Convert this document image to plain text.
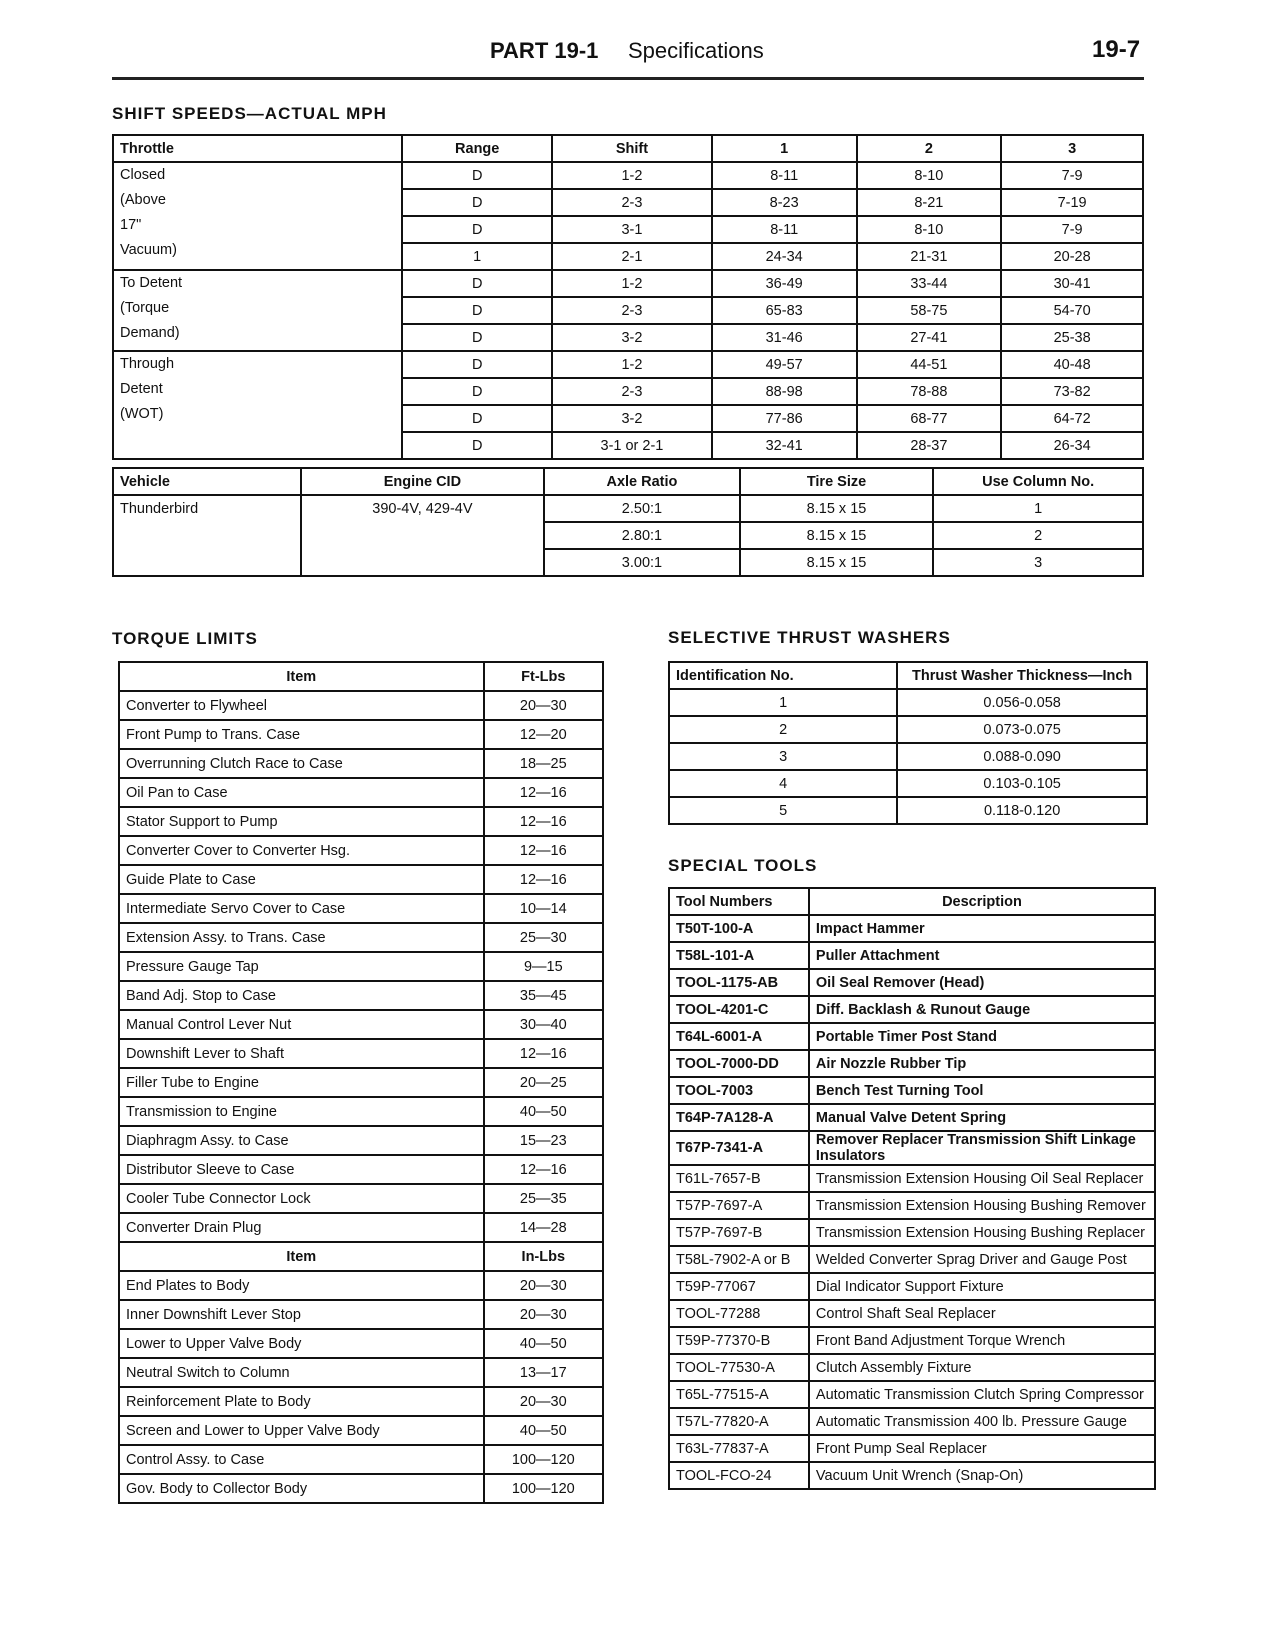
PART 19-1 Specifications	19-7
SHIFT SPEEDS—ACTUAL MPH
Throttle	Range	Shift	1	2	3

Closed
(Above
17"
Vacuum)	D	1-2	8-11	8-10	7-9
	D	2-3	8-23	8-21	7-19
	D	3-1	8-11	8-10	7-9
	1	2-1	24-34	21-31	20-28

To Detent
(Torque
Demand)	D	1-2	36-49	33-44	30-41
	D	2-3	65-83	58-75	54-70
	D	3-2	31-46	27-41	25-38

Through
Detent
(WOT)	D	1-2	49-57	44-51	40-48
	D	2-3	88-98	78-88	73-82
	D	3-2	77-86	68-77	64-72
	D	3-1 or 2-1	32-41	28-37	26-34
Vehicle	Engine CID	Axle Ratio	Tire Size	Use Column No.
Thunderbird	390-4V, 429-4V	2.50:1	8.15 x 15	1
		2.80:1	8.15 x 15	2
		3.00:1	8.15 x 15	3
TORQUE LIMITS
Item	Ft-Lbs
Converter to Flywheel	20—30
Front Pump to Trans. Case	12—20
Overrunning Clutch Race to Case	18—25
Oil Pan to Case	12—16
Stator Support to Pump	12—16
Converter Cover to Converter Hsg.	12—16
Guide Plate to Case	12—16
Intermediate Servo Cover to Case	10—14
Extension Assy. to Trans. Case	25—30
Pressure Gauge Tap	9—15
Band Adj. Stop to Case	35—45
Manual Control Lever Nut	30—40
Downshift Lever to Shaft	12—16
Filler Tube to Engine	20—25
Transmission to Engine	40—50
Diaphragm Assy. to Case	15—23
Distributor Sleeve to Case	12—16
Cooler Tube Connector Lock	25—35
Converter Drain Plug	14—28
Item	In-Lbs
End Plates to Body	20—30
Inner Downshift Lever Stop	20—30
Lower to Upper Valve Body	40—50
Neutral Switch to Column	13—17
Reinforcement Plate to Body	20—30
Screen and Lower to Upper Valve Body	40—50
Control Assy. to Case	100—120
Gov. Body to Collector Body	100—120
SELECTIVE THRUST WASHERS
Identification No.	Thrust Washer Thickness—Inch
1	0.056-0.058
2	0.073-0.075
3	0.088-0.090
4	0.103-0.105
5	0.118-0.120
SPECIAL TOOLS
Tool Numbers	Description
T50T-100-A	Impact Hammer
T58L-101-A	Puller Attachment
TOOL-1175-AB	Oil Seal Remover (Head)
TOOL-4201-C	Diff. Backlash & Runout Gauge
T64L-6001-A	Portable Timer Post Stand
TOOL-7000-DD	Air Nozzle Rubber Tip
TOOL-7003	Bench Test Turning Tool
T64P-7A128-A	Manual Valve Detent Spring
T67P-7341-A	Remover Replacer Transmission Shift Linkage Insulators
T61L-7657-B	Transmission Extension Housing Oil Seal Replacer
T57P-7697-A	Transmission Extension Housing Bushing Remover
T57P-7697-B	Transmission Extension Housing Bushing Replacer
T58L-7902-A or B	Welded Converter Sprag Driver and Gauge Post
T59P-77067	Dial Indicator Support Fixture
TOOL-77288	Control Shaft Seal Replacer
T59P-77370-B	Front Band Adjustment Torque Wrench
TOOL-77530-A	Clutch Assembly Fixture
T65L-77515-A	Automatic Transmission Clutch Spring Compressor
T57L-77820-A	Automatic Transmission 400 lb. Pressure Gauge
T63L-77837-A	Front Pump Seal Replacer
TOOL-FCO-24	Vacuum Unit Wrench (Snap-On)
